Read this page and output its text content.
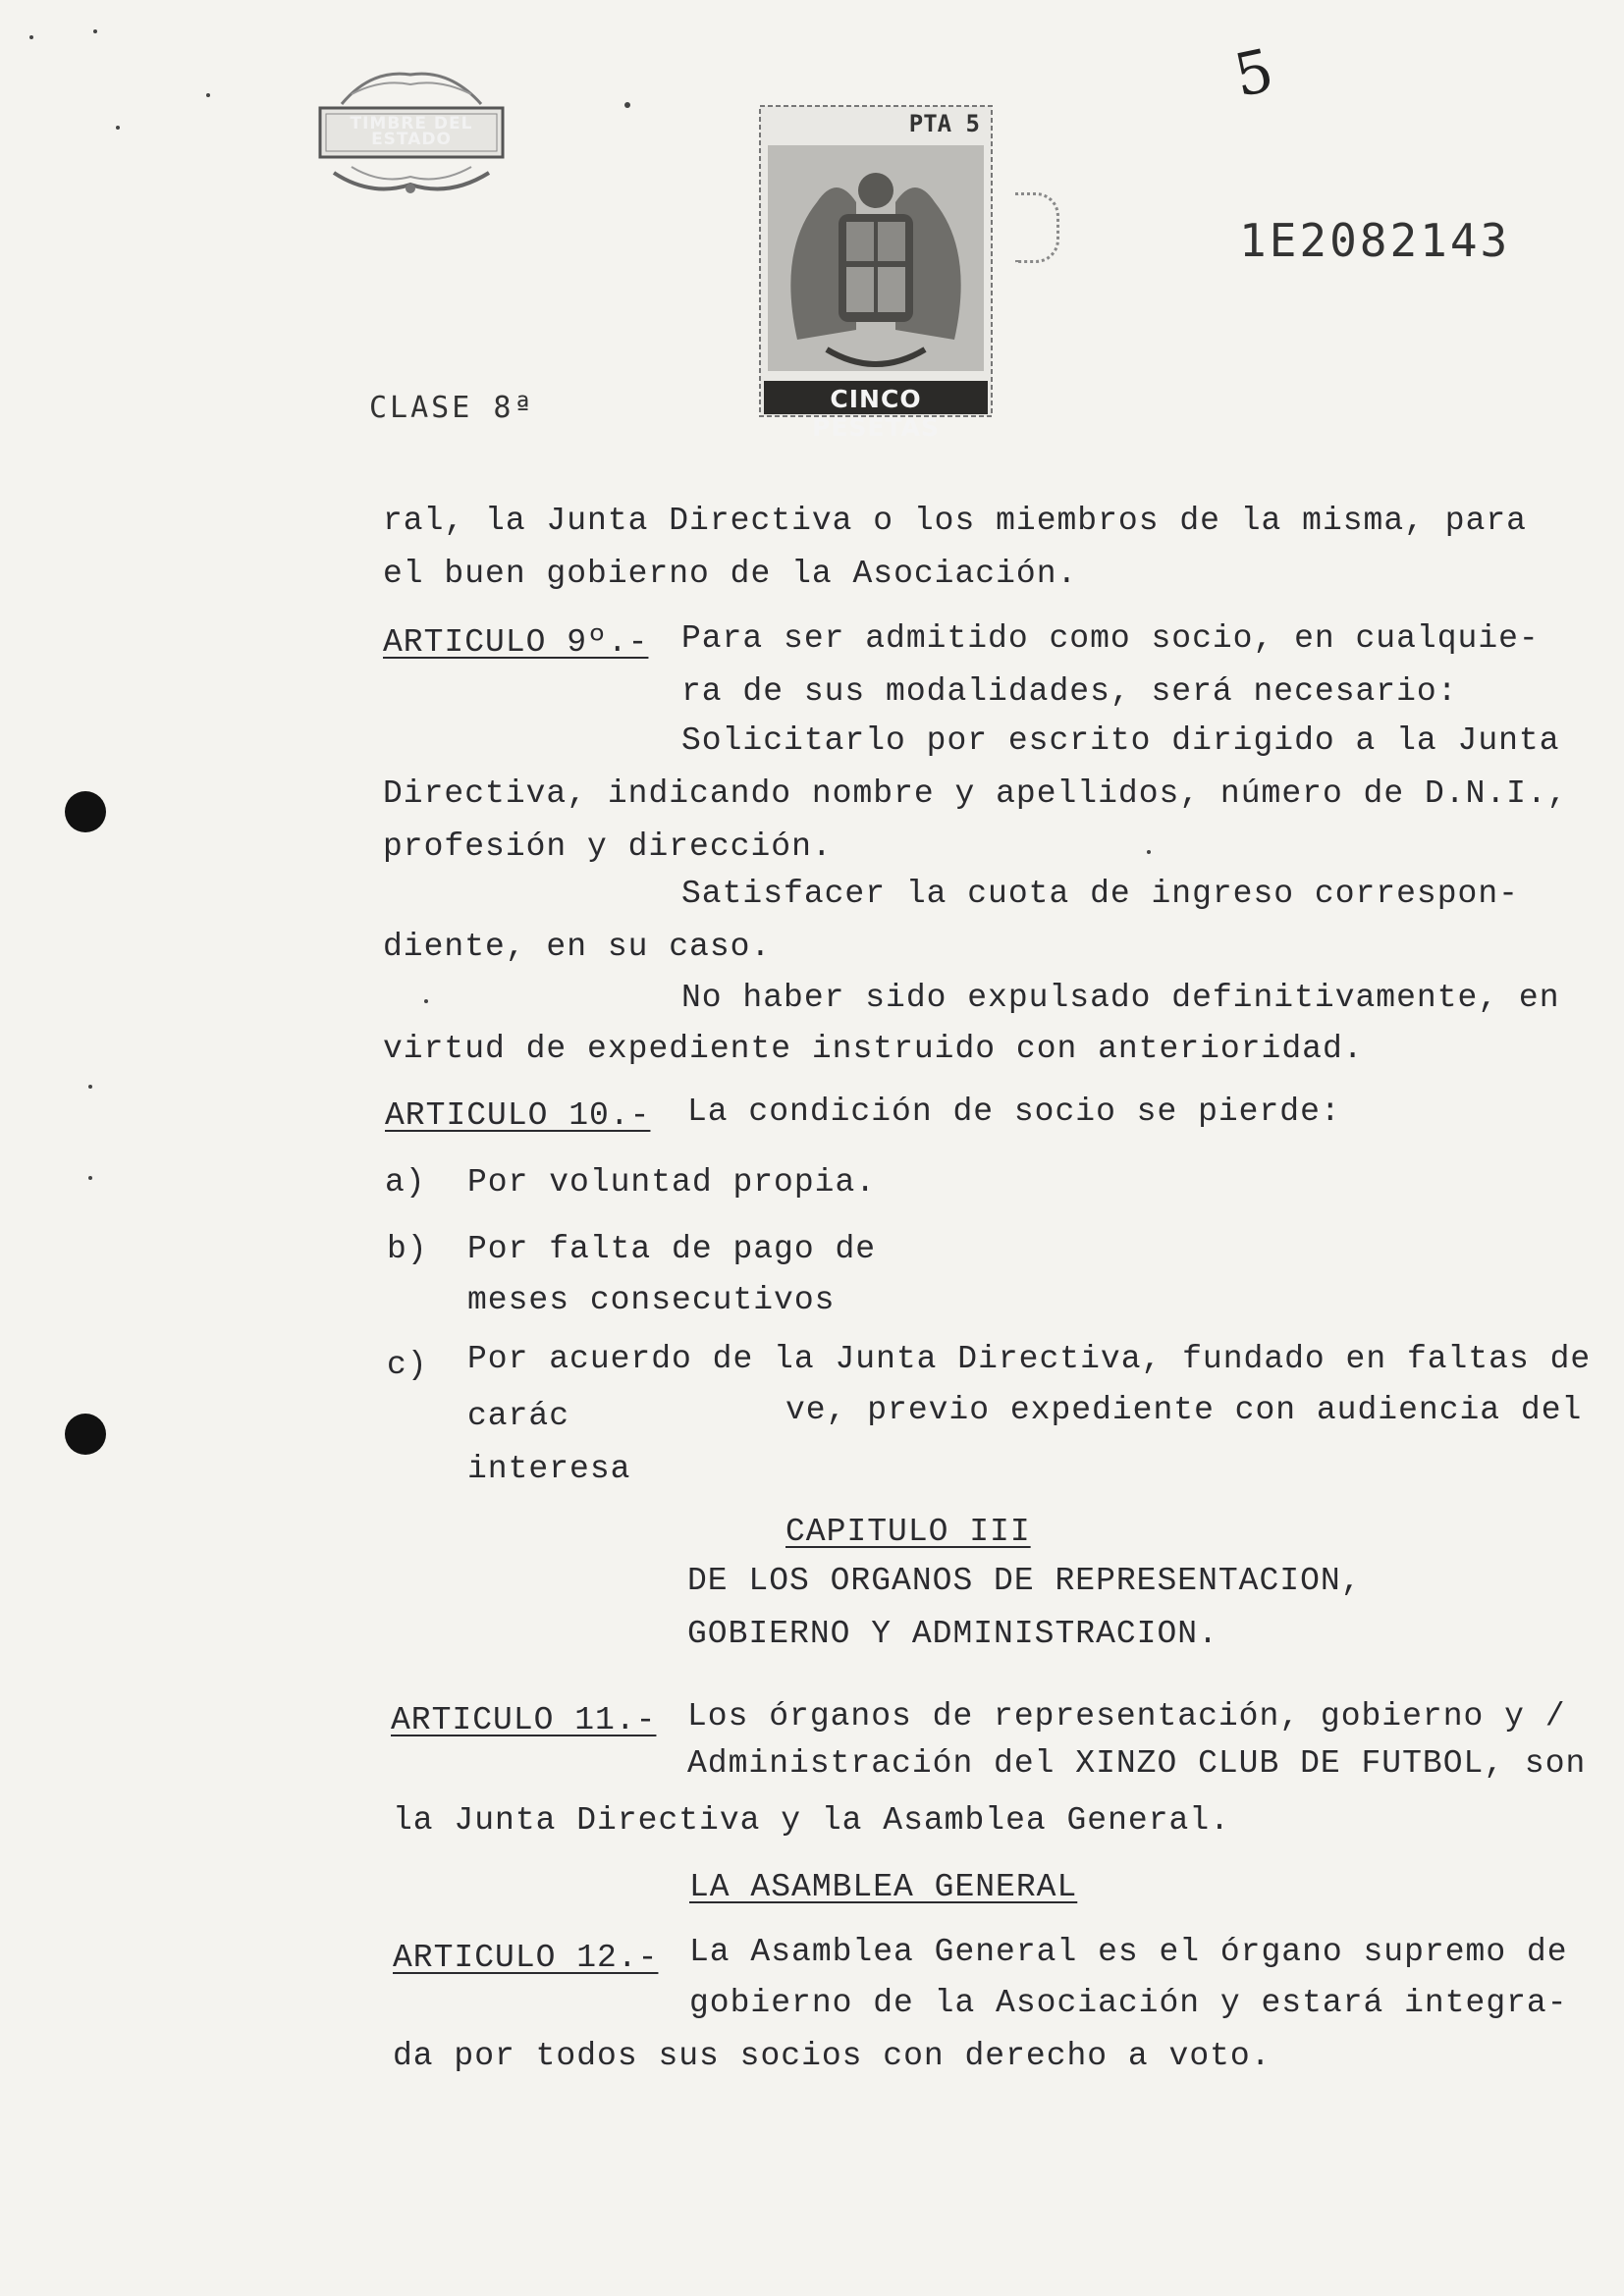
5
TIMBRE DEL ESTADO
PTA 5
CINCO PESETAS
1E2082143
CLASE 8ª
ral, la Junta Directiva o los miembros de la misma, para
el buen gobierno de la Asociación.
ARTICULO 9º.- Para ser admitido como socio, en cualquie-
ra de sus modalidades, será necesario:
Solicitarlo por escrito dirigido a la Junta
Directiva, indicando nombre y apellidos, número de D.N.I.,
profesión y dirección.
Satisfacer la cuota de ingreso correspon-
diente, en su caso.
No haber sido expulsado definitivamente, en
virtud de expediente instruido con anterioridad.
ARTICULO 10.- La condición de socio se pierde:
a) Por voluntad propia.
b) Por falta de pago de
meses consecutivos
c) Por acuerdo de la Junta Directiva, fundado en faltas de
carác	ve, previo expediente con audiencia del
interesa
CAPITULO III
DE LOS ORGANOS DE REPRESENTACION,
GOBIERNO Y ADMINISTRACION.
ARTICULO 11.- Los órganos de representación, gobierno y /
Administración del XINZO CLUB DE FUTBOL, son
la Junta Directiva y la Asamblea General.
LA ASAMBLEA GENERAL
ARTICULO 12.- La Asamblea General es el órgano supremo de
gobierno de la Asociación y estará integra-
da por todos sus socios con derecho a voto.
